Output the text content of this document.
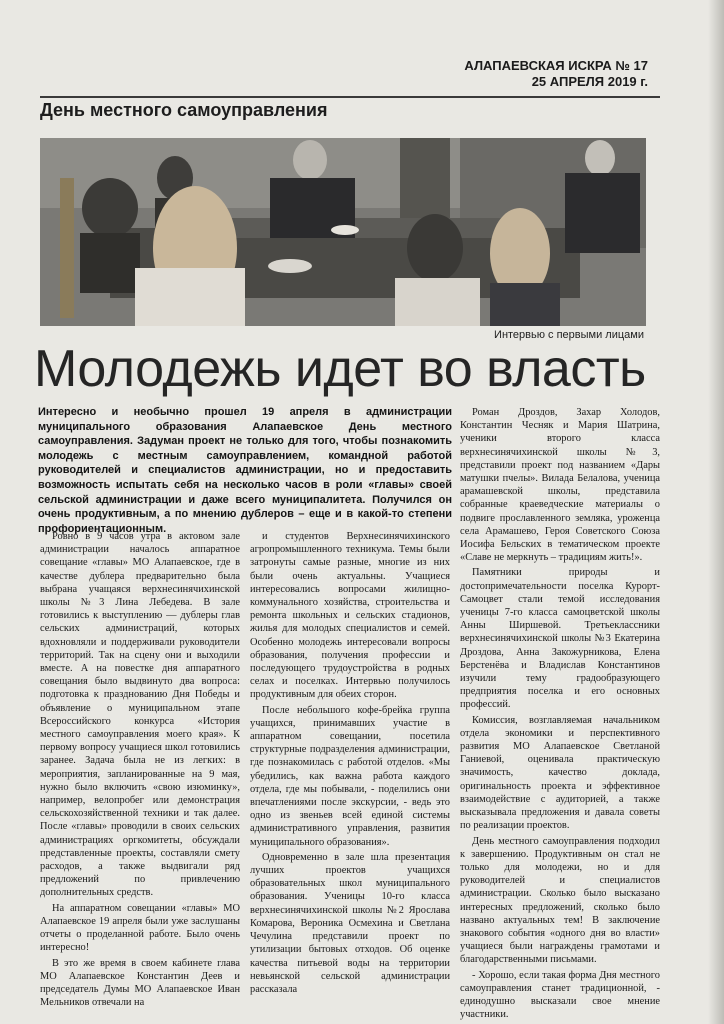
АЛАПАЕВСКАЯ ИСКРА № 17
25 АПРЕЛЯ 2019 г.
День местного самоуправления
Интервью с первыми лицами
Молодежь идет во власть
Интересно и необычно прошел 19 апреля в администрации муниципального образования Алапаевское День местного самоуправления. Задуман проект не только для того, чтобы познакомить молодежь с местным самоуправлением, командной работой руководителей и специалистов администрации, но и предоставить возможность испытать себя на несколько часов в роли «главы» своей сельской администрации и даже всего муниципалитета. Получился он очень продуктивным, а по мнению дублеров – еще и в какой-то степени профориентационным.

Ровно в 9 часов утра в актовом зале администрации началось аппаратное совещание «главы» МО Алапаевское, где в качестве дублера предварительно была выбрана учащаяся верхнесинячихинской школы №3 Лина Лебедева. В зале готовились к выступлению — дублеры глав сельских администраций, которых вдохновляли и поддерживали руководители территорий. Так на сцену они и выходили вместе. А на повестке дня аппаратного совещания было выдвинуто два вопроса: подготовка к празднованию Дня Победы и объявление о муниципальном этапе Всероссийского конкурса «История местного самоуправления моего края». К первому вопросу учащиеся школ готовились заранее. Задача была не из легких: в мероприятия, запланированные на 9 мая, нужно было включить «свою изюминку», например, велопробег или демонстрация сельскохозяйственной техники и так далее. После «главы» проводили в своих сельских администрациях оргкомитеты, обсуждали представленные проекты, составляли смету расходов, а также выдвигали ряд предложений по привлечению дополнительных средств.

На аппаратном совещании «главы» МО Алапаевское 19 апреля были уже заслушаны отчеты о проделанной работе. Было очень интересно!

В это же время в своем кабинете глава МО Алапаевское Константин Деев и председатель Думы МО Алапаевское Иван Мельников отвечали на

и студентов Верхнесинячихинского агропромышленного техникума. Темы были затронуты самые разные, многие из них были очень актуальны. Учащиеся интересовались вопросами жилищно-коммунального хозяйства, строительства и ремонта школьных и сельских стадионов, жилья для молодых специалистов и семей. Особенно молодежь интересовали вопросы образования, получения профессии и последующего трудоустройства в родных селах и поселках. Интервью получилось продуктивным для обеих сторон.

После небольшого кофе-брейка группа учащихся, принимавших участие в аппаратном совещании, посетила структурные подразделения администрации, где познакомилась с работой отделов. «Мы убедились, как важна работа каждого отдела, где мы побывали, - поделились они впечатлениями после экскурсии, - ведь это одно из звеньев всей единой системы административного управления, развития муниципального образования».

Одновременно в зале шла презентация лучших проектов учащихся образовательных школ муниципального образования. Ученицы 10-го класса верхнесинячихинской школы №2 Ярослава Комарова, Вероника Осмехина и Светлана Чечулина представили проект по утилизации бытовых отходов. Об оценке качества питьевой воды на территории невьянской сельской администрации рассказала

Роман Дроздов, Захар Холодов, Константин Чесняк и Мария Шатрина, ученики второго класса верхнесинячихинской школы №3, представили проект под названием «Дары матушки пчелы». Вилада Белалова, ученица арамашевской школы, представила собранные краеведческие материалы о подвиге прославленного земляка, уроженца села Арамашево, Героя Советского Союза Иосифа Бельских в тематическом проекте «Славе не меркнуть – традициям жить!».

Памятники природы и достопримечательности поселка Курорт-Самоцвет стали темой исследования ученицы 7-го класса самоцветской школы Анны Ширшевой. Третьеклассники верхнесинячихинской школы №3 Екатерина Дроздова, Анна Закожурникова, Елена Берстенёва и Владислав Константинов изучили тему градообразующего предприятия поселка и его основных профессий.

Комиссия, возглавляемая начальником отдела экономики и перспективного развития МО Алапаевское Светланой Ганиевой, оценивала практическую значимость, качество доклада, оригинальность проекта и эффективное взаимодействие с аудиторией, а также высказывала предложения и давала советы по реализации проектов.

День местного самоуправления подходил к завершению. Продуктивным он стал не только для молодежи, но и для руководителей и специалистов администрации. Сколько было высказано интересных предложений, сколько было названо актуальных тем! В заключение знакового события «одного дня во власти» учащиеся были награждены грамотами и благодарственными письмами.

- Хорошо, если такая форма Дня местного самоуправления станет традиционной, - единодушно высказали свое мнение участники.
